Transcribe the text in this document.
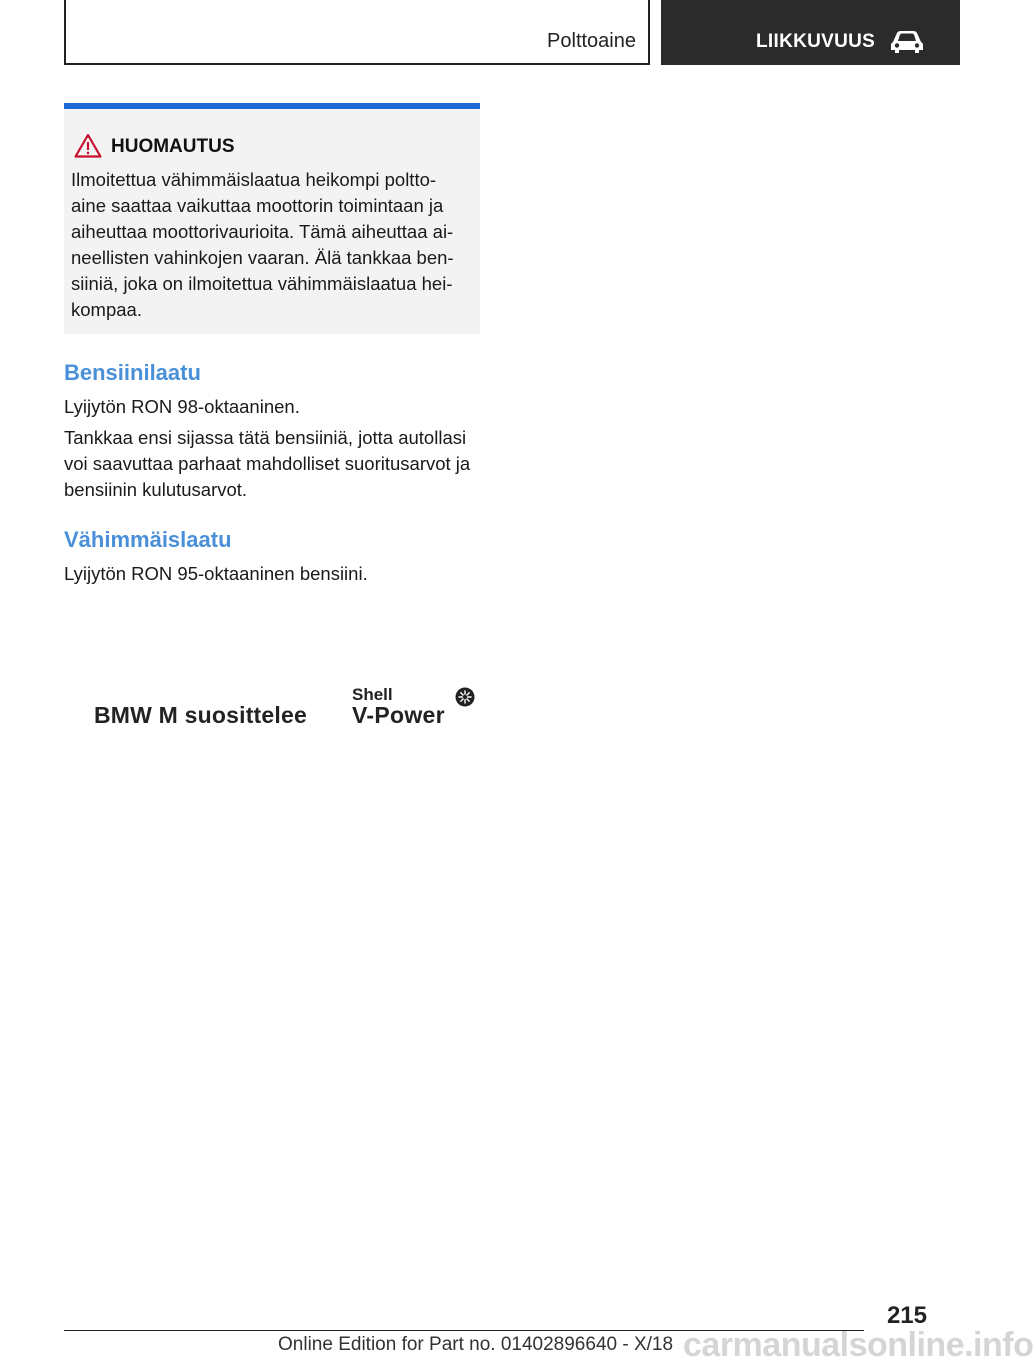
Polttoaine	LIIKKUVUUS
HUOMAUTUS
Ilmoitettua vähimmäislaatua heikompi poltto-
aine saattaa vaikuttaa moottorin toimintaan ja
aiheuttaa moottorivaurioita. Tämä aiheuttaa ai-
neellisten vahinkojen vaaran. Älä tankkaa ben-
siiniä, joka on ilmoitettua vähimmäislaatua hei-
kompaa.
Bensiinilaatu
Lyijytön RON 98-oktaaninen.
Tankkaa ensi sijassa tätä bensiiniä, jotta autollasi
voi saavuttaa parhaat mahdolliset suoritusarvot ja
bensiinin kulutusarvot.
Vähimmäislaatu
Lyijytön RON 95-oktaaninen bensiini.
BMW M suosittelee
Shell
V-Power
215
Online Edition for Part no. 01402896640 - X/18 carmanualsonline.info
